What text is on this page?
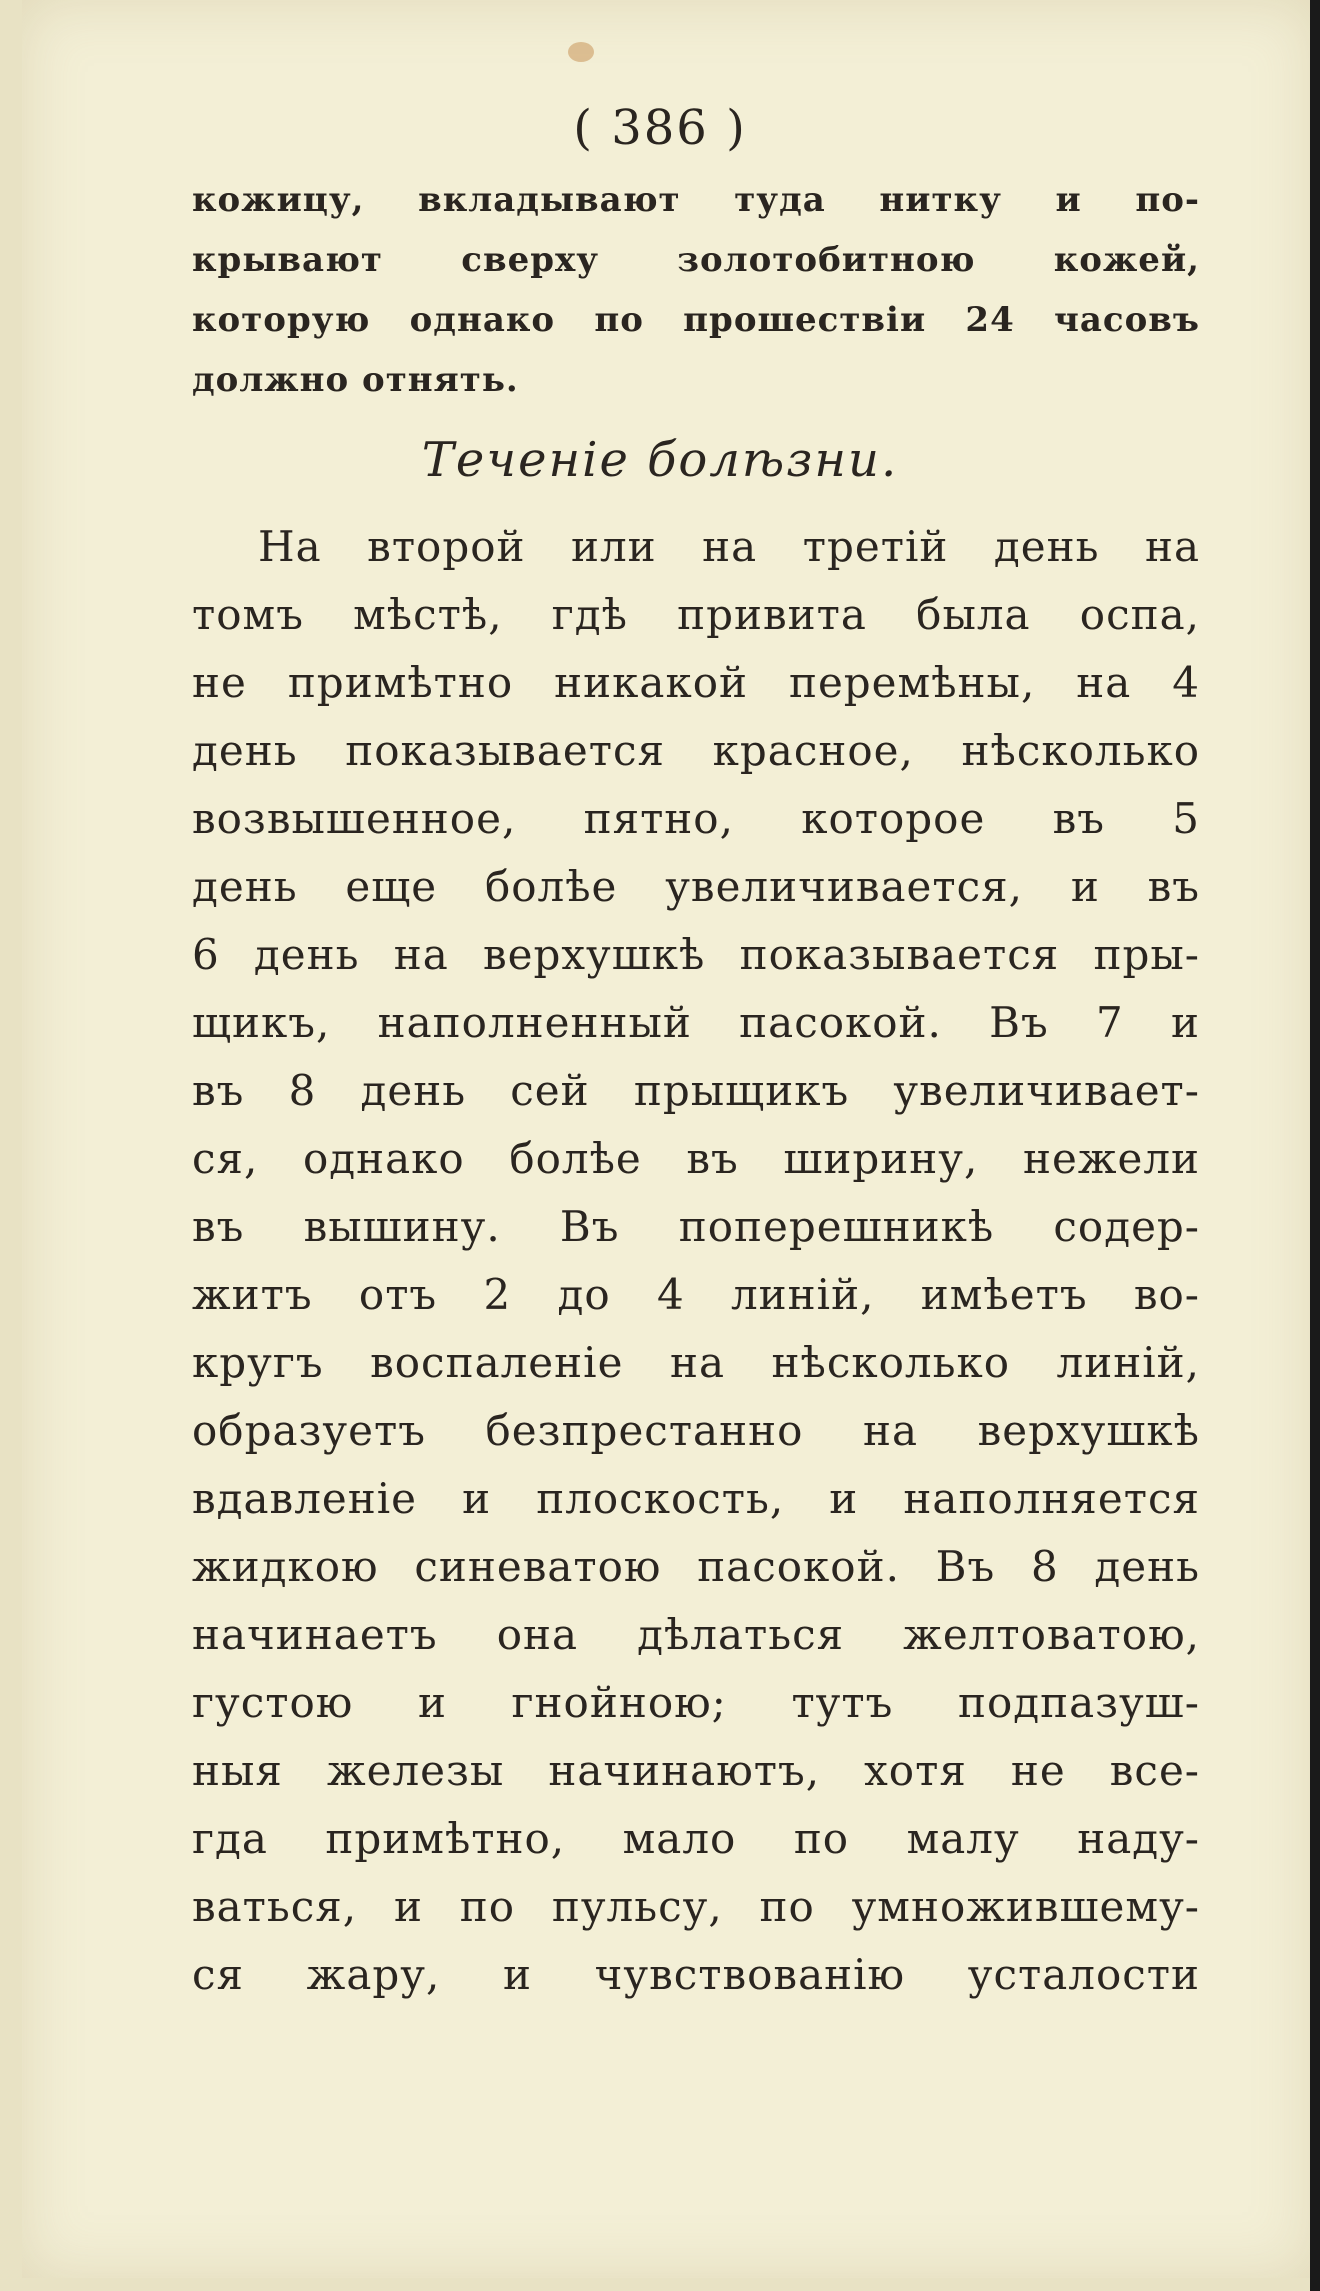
( 386 )
кожицу, вкладывают туда нитку и по-
крывают сверху золотобитною кожей,
которую однако по прошествіи 24 часовъ
должно отнять.
Теченіе болѣзни.
На второй или на третій день на
томъ мѣстѣ, гдѣ привита была оспа,
не примѣтно никакой перемѣны, на 4
день показывается красное, нѣсколько
возвышенное, пятно, которое въ 5
день еще болѣе увеличивается, и въ
6 день на верхушкѣ показывается пры-
щикъ, наполненный пасокой. Въ 7 и
въ 8 день сей прыщикъ увеличивает-
ся, однако болѣе въ ширину, нежели
въ вышину. Въ поперешникѣ содер-
житъ отъ 2 до 4 линій, имѣетъ во-
кругъ воспаленіе на нѣсколько линій,
образуетъ безпрестанно на верхушкѣ
вдавленіе и плоскость, и наполняется
жидкою синеватою пасокой. Въ 8 день
начинаетъ она дѣлаться желтоватою,
густою и гнойною; тутъ подпазуш-
ныя железы начинаютъ, хотя не все-
гда примѣтно, мало по малу наду-
ваться, и по пульсу, по умножившему-
ся жару, и чувствованію усталости
